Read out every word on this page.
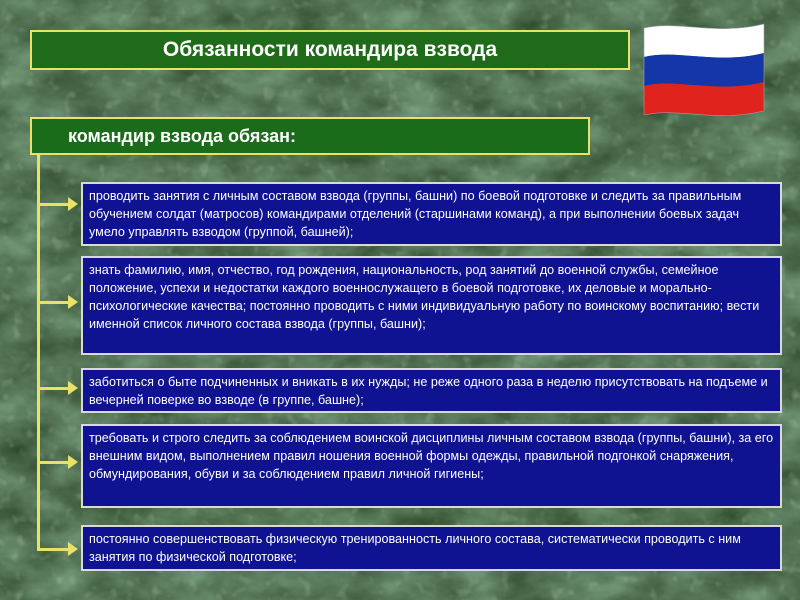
Обязанности командира взвода
командир взвода обязан:
проводить занятия с личным составом взвода (группы, башни) по боевой подготовке и следить за правильным обучением солдат (матросов) командирами отделений (старшинами команд), а при выполнении боевых задач умело управлять взводом (группой, башней);
знать фамилию, имя, отчество, год рождения, национальность, род занятий до военной службы, семейное положение, успехи и недостатки каждого военнослужащего в боевой подготовке, их деловые и морально-психологические качества; постоянно проводить с ними индивидуальную работу по воинскому воспитанию; вести именной список личного состава взвода (группы, башни);
заботиться о быте подчиненных и вникать в их нужды; не реже одного раза в неделю присутствовать на подъеме и вечерней поверке во взводе (в группе, башне);
требовать и строго следить за соблюдением воинской дисциплины личным составом взвода (группы, башни), за его внешним видом, выполнением правил ношения военной формы одежды, правильной подгонкой снаряжения, обмундирования, обуви и за соблюдением правил личной гигиены;
постоянно совершенствовать физическую тренированность личного состава, систематически проводить с ним занятия по физической подготовке;
